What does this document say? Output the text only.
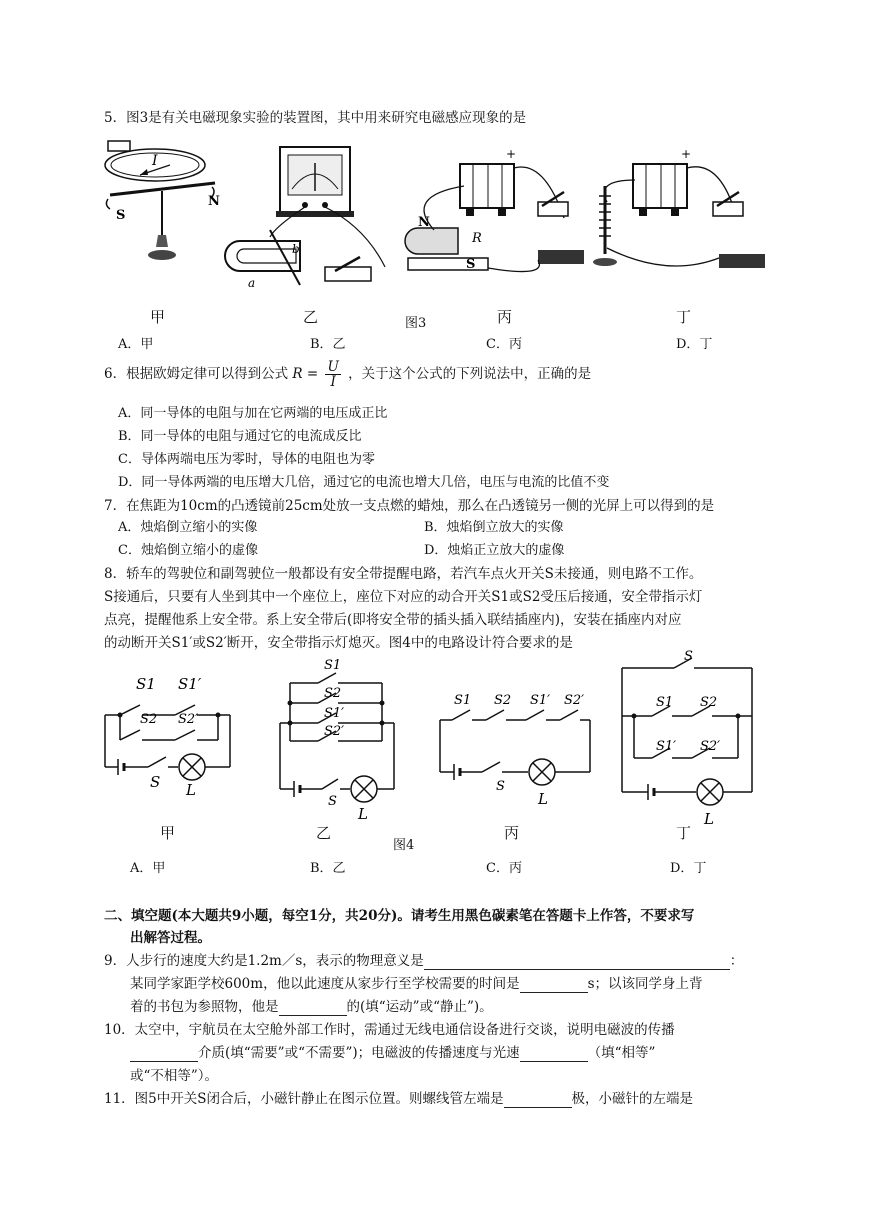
5．图3是有关电磁现象实验的装置图，其中用来研究电磁感应现象的是
I
S
N
a
b
+
N
R
S
+
甲	乙	图3	丙	丁
A．甲	B．乙	C．丙	D．丁
6．根据欧姆定律可以得到公式 $R = \frac{U}{I}$ ，关于这个公式的下列说法中，正确的是
A．同一导体的电阻与加在它两端的电压成正比
B．同一导体的电阻与通过它的电流成反比
C．导体两端电压为零时，导体的电阻也为零
D．同一导体两端的电压增大几倍，通过它的电流也增大几倍，电压与电流的比值不变
7．在焦距为10cm的凸透镜前25cm处放一支点燃的蜡烛，那么在凸透镜另一侧的光屏上可以得到的是
A．烛焰倒立缩小的实像	B．烛焰倒立放大的实像
C．烛焰倒立缩小的虚像	D．烛焰正立放大的虚像
8．轿车的驾驶位和副驾驶位一般都设有安全带提醒电路，若汽车点火开关S未接通，则电路不工作。
S接通后，只要有人坐到其中一个座位上，座位下对应的动合开关S1或S2受压后接通，安全带指示灯
点亮，提醒他系上安全带。系上安全带后(即将安全带的插头插入联结插座内)，安装在插座内对应
的动断开关S1′或S2′断开，安全带指示灯熄灭。图4中的电路设计符合要求的是
S1 S1′
S2 S2′
S L
S1
S2
S1′
S2′
S
L
S1 S2 S1′ S2′
S
L
S
S1 S2
S1′ S2′
L
甲	乙
图4
丙	丁
A．甲	B．乙	C．丙	D．丁
二、填空题(本大题共9小题，每空1分，共20分)。请考生用黑色碳素笔在答题卡上作答，不要求写
出解答过程。
9．人步行的速度大约是1.2m／s，表示的物理意义是	：
某同学家距学校600m，他以此速度从家步行至学校需要的时间是	s；以该同学身上背
着的书包为参照物，他是	的(填“运动”或“静止”)。
10．太空中，宇航员在太空舱外部工作时，需通过无线电通信设备进行交谈，说明电磁波的传播
介质(填“需要”或“不需要”)；电磁波的传播速度与光速	（填“相等”
或“不相等”）。
11．图5中开关S闭合后，小磁针静止在图示位置。则螺线管左端是	极，小磁针的左端是
